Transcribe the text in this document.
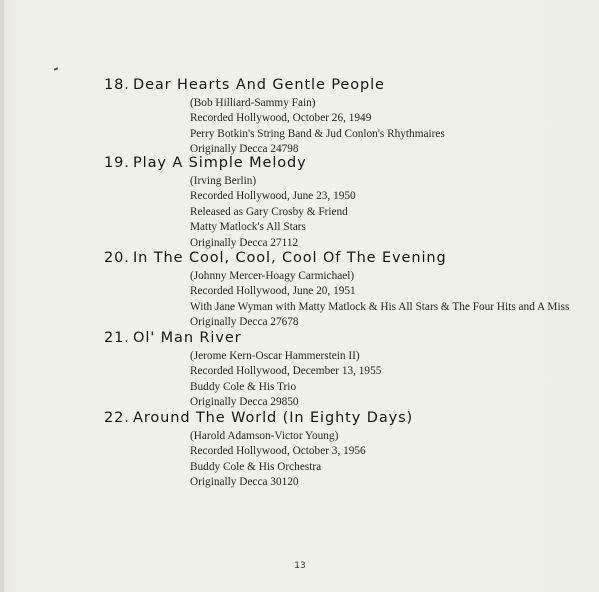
18. Dear Hearts And Gentle People
(Bob Hilliard-Sammy Fain)
Recorded Hollywood, October 26, 1949
Perry Botkin's String Band & Jud Conlon's Rhythmaires
Originally Decca 24798
19. Play A Simple Melody
(Irving Berlin)
Recorded Hollywood, June 23, 1950
Released as Gary Crosby & Friend
Matty Matlock's All Stars
Originally Decca 27112
20. In The Cool, Cool, Cool Of The Evening
(Johnny Mercer-Hoagy Carmichael)
Recorded Hollywood, June 20, 1951
With Jane Wyman with Matty Matlock & His All Stars & The Four Hits and A Miss
Originally Decca 27678
21. Ol' Man River
(Jerome Kern-Oscar Hammerstein II)
Recorded Hollywood, December 13, 1955
Buddy Cole & His Trio
Originally Decca 29850
22. Around The World (In Eighty Days)
(Harold Adamson-Victor Young)
Recorded Hollywood, October 3, 1956
Buddy Cole & His Orchestra
Originally Decca 30120
13
